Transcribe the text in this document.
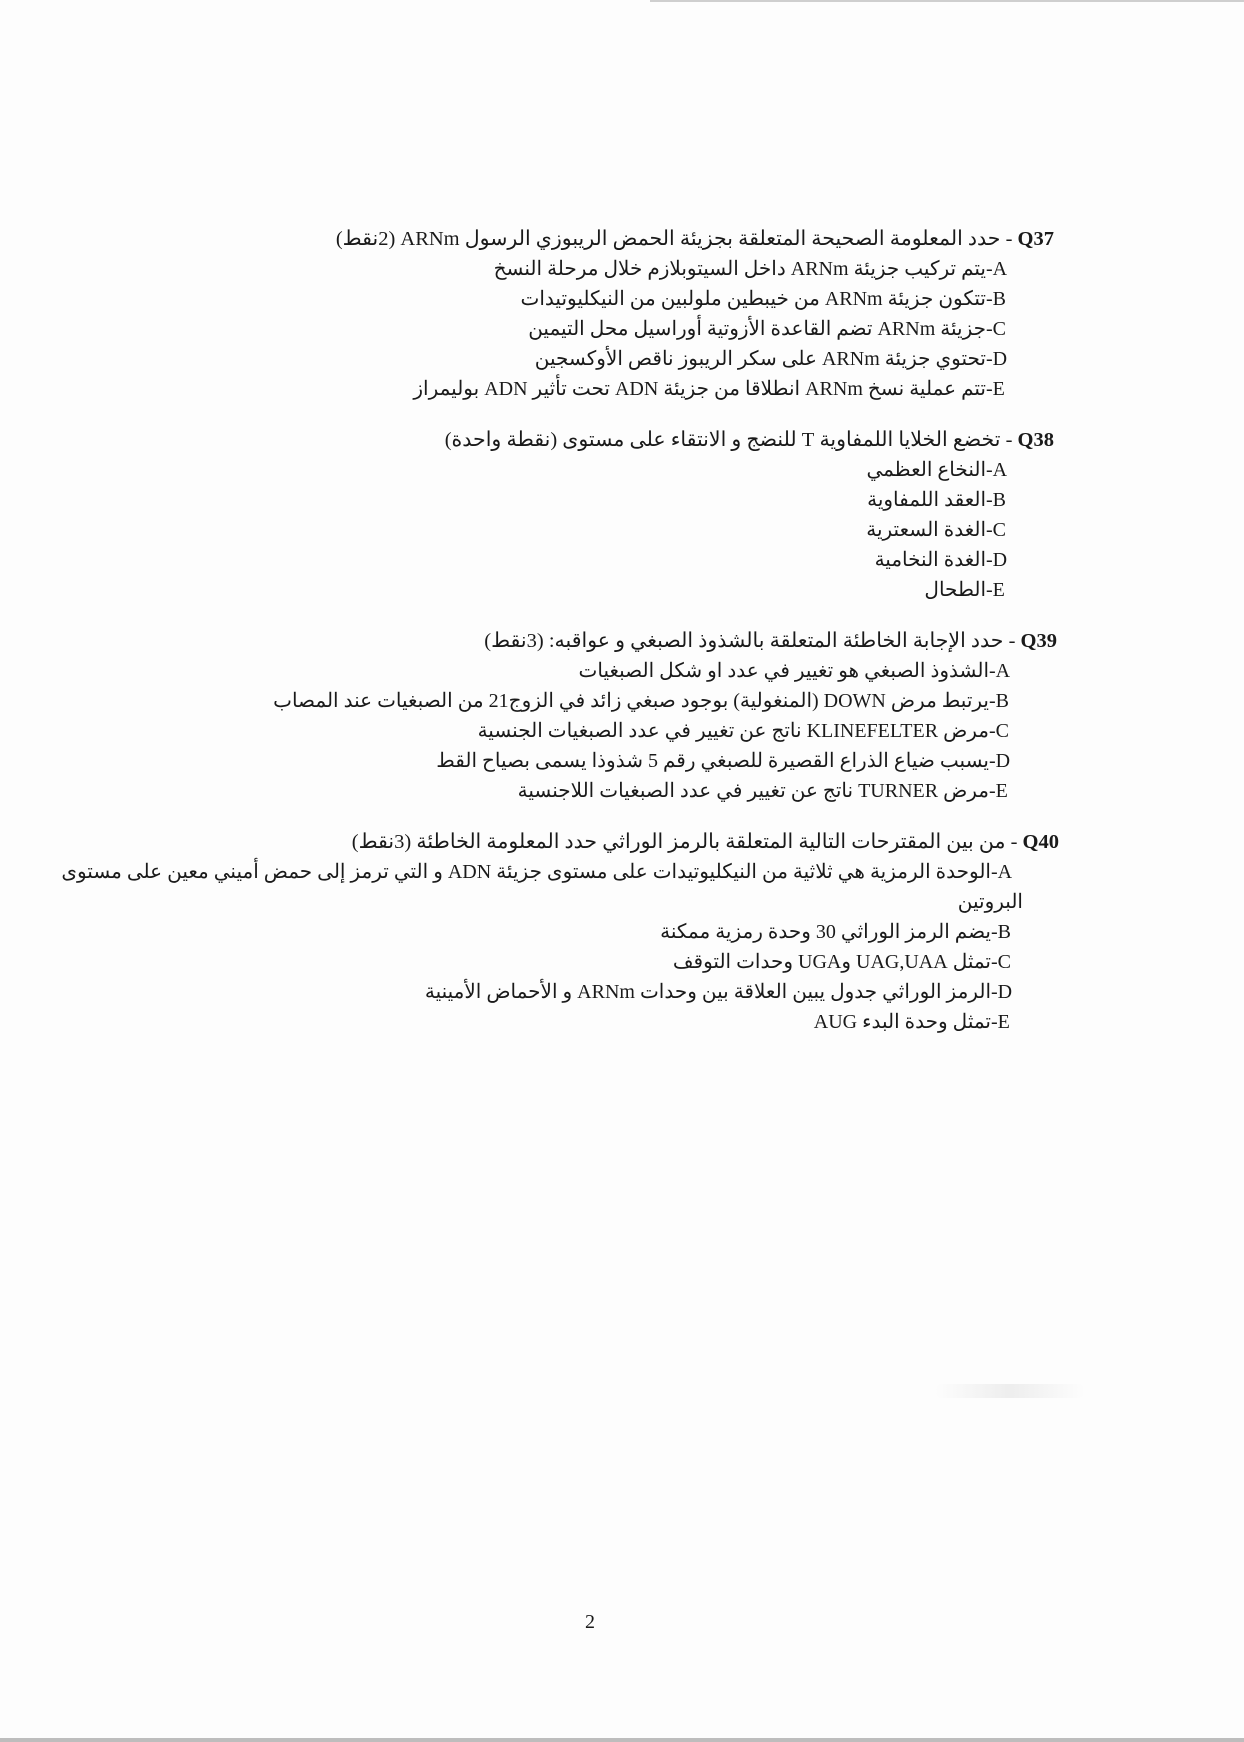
Q37 - حدد المعلومة الصحيحة المتعلقة بجزيئة الحمض الريبوزي الرسول ARNm (2نقط)
-Aيتم تركيب جزيئة ARNm داخل السيتوبلازم خلال مرحلة النسخ
-Bتتكون جزيئة ARNm من خيبطين ملولبين من النيكليوتيدات
-Cجزيئة ARNm تضم القاعدة الأزوتية أوراسيل محل التيمين
-Dتحتوي جزيئة ARNm على سكر الريبوز ناقص الأوكسجين
-Eتتم عملية نسخ ARNm انطلاقا من جزيئة ADN تحت تأثير ADN بوليمراز
Q38 - تخضع الخلايا اللمفاوية T للنضج و الانتقاء على مستوى (نقطة واحدة)
-Aالنخاع العظمي
-Bالعقد اللمفاوية
-Cالغدة السعترية
-Dالغدة النخامية
-Eالطحال
Q39 - حدد الإجابة الخاطئة المتعلقة بالشذوذ الصبغي و عواقبه: (3نقط)
-Aالشذوذ الصبغي هو تغيير في عدد او شكل الصبغيات
-Bيرتبط مرض DOWN (المنغولية) بوجود صبغي زائد في الزوج21 من الصبغيات عند المصاب
-Cمرض KLINEFELTER ناتج عن تغيير في عدد الصبغيات الجنسية
-Dيسبب ضياع الذراع القصيرة للصبغي رقم 5 شذوذا يسمى بصياح القط
-Eمرض TURNER ناتج عن تغيير في عدد الصبغيات اللاجنسية
Q40 - من بين المقترحات التالية المتعلقة بالرمز الوراثي حدد المعلومة الخاطئة (3نقط)
-Aالوحدة الرمزية هي ثلاثية من النيكليوتيدات على مستوى جزيئة ADN و التي ترمز إلى حمض أميني معين على مستوى البروتين
-Bيضم الرمز الوراثي 30 وحدة رمزية ممكنة
-Cتمثل UAG,UAA وUGA وحدات التوقف
-Dالرمز الوراثي جدول يبين العلاقة بين وحدات ARNm و الأحماض الأمينية
-EAUG تمثل وحدة البدء
2
